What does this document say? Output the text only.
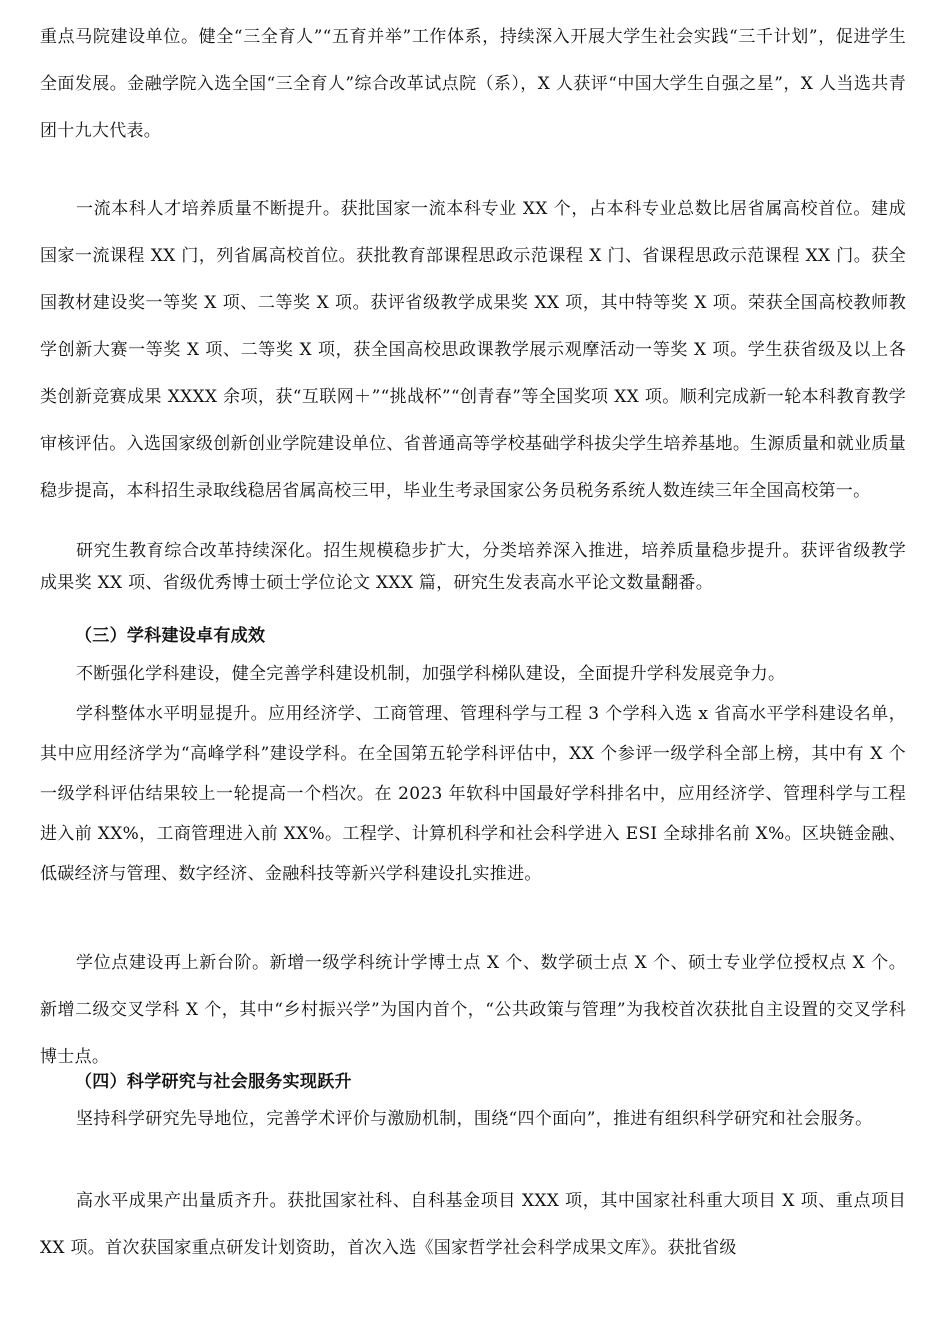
重点马院建设单位。健全“三全育人”“五育并举”工作体系，持续深入开展大学生社会实践“三千计划”，促进学生全面发展。金融学院入选全国“三全育人”综合改革试点院（系），X 人获评“中国大学生自强之星”，X 人当选共青团十九大代表。

一流本科人才培养质量不断提升。获批国家一流本科专业 XX 个，占本科专业总数比居省属高校首位。建成国家一流课程 XX 门，列省属高校首位。获批教育部课程思政示范课程 X 门、省课程思政示范课程 XX 门。获全国教材建设奖一等奖 X 项、二等奖 X 项。获评省级教学成果奖 XX 项，其中特等奖 X 项。荣获全国高校教师教学创新大赛一等奖 X 项、二等奖 X 项，获全国高校思政课教学展示观摩活动一等奖 X 项。学生获省级及以上各类创新竞赛成果 XXXX 余项，获“互联网＋”“挑战杯”“创青春”等全国奖项 XX 项。顺利完成新一轮本科教育教学审核评估。入选国家级创新创业学院建设单位、省普通高等学校基础学科拔尖学生培养基地。生源质量和就业质量稳步提高，本科招生录取线稳居省属高校三甲，毕业生考录国家公务员税务系统人数连续三年全国高校第一。

研究生教育综合改革持续深化。招生规模稳步扩大，分类培养深入推进，培养质量稳步提升。获评省级教学成果奖 XX 项、省级优秀博士硕士学位论文 XXX 篇，研究生发表高水平论文数量翻番。

（三）学科建设卓有成效

不断强化学科建设，健全完善学科建设机制，加强学科梯队建设，全面提升学科发展竞争力。

学科整体水平明显提升。应用经济学、工商管理、管理科学与工程 3 个学科入选 x 省高水平学科建设名单，其中应用经济学为“高峰学科”建设学科。在全国第五轮学科评估中，XX 个参评一级学科全部上榜，其中有 X 个一级学科评估结果较上一轮提高一个档次。在 2023 年软科中国最好学科排名中，应用经济学、管理科学与工程进入前 XX%，工商管理进入前 XX%。工程学、计算机科学和社会科学进入 ESI 全球排名前 X%。区块链金融、低碳经济与管理、数字经济、金融科技等新兴学科建设扎实推进。

学位点建设再上新台阶。新增一级学科统计学博士点 X 个、数学硕士点 X 个、硕士专业学位授权点 X 个。新增二级交叉学科 X 个，其中“乡村振兴学”为国内首个，“公共政策与管理”为我校首次获批自主设置的交叉学科博士点。

（四）科学研究与社会服务实现跃升

坚持科学研究先导地位，完善学术评价与激励机制，围绕“四个面向”，推进有组织科学研究和社会服务。

高水平成果产出量质齐升。获批国家社科、自科基金项目 XXX 项，其中国家社科重大项目 X 项、重点项目 XX 项。首次获国家重点研发计划资助，首次入选《国家哲学社会科学成果文库》。获批省级
